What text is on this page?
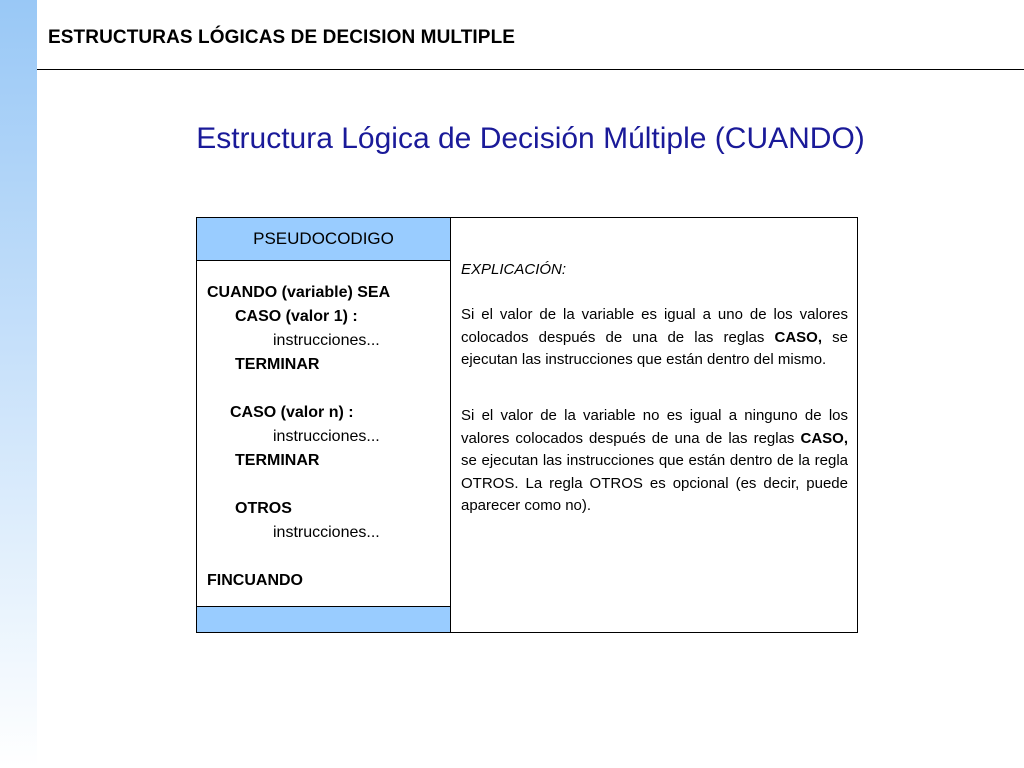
ESTRUCTURAS LÓGICAS DE DECISION MULTIPLE
Estructura Lógica de Decisión Múltiple (CUANDO)
PSEUDOCODIGO
CUANDO (variable) SEA
CASO (valor 1) :
instrucciones...
TERMINAR
CASO (valor n) :
instrucciones...
TERMINAR
OTROS
instrucciones...
FINCUANDO
EXPLICACIÓN:
Si el valor de la variable es igual a uno de los valores colocados después de una de las reglas CASO, se ejecutan las instrucciones que están dentro del mismo.
Si el valor de la variable no es igual a ninguno de los valores colocados después de una de las reglas CASO, se ejecutan las instrucciones que están dentro de la regla OTROS. La regla OTROS es opcional (es decir, puede aparecer como no).
